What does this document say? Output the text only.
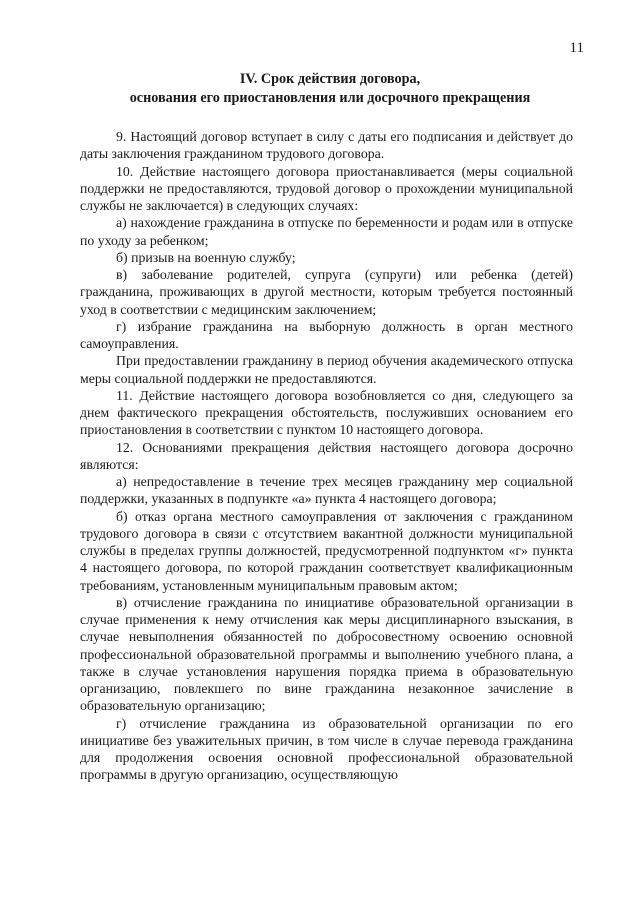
11
IV. Срок действия договора,
основания его приостановления или досрочного прекращения

9. Настоящий договор вступает в силу с даты его подписания и действует до даты заключения гражданином трудового договора.

10. Действие настоящего договора приостанавливается (меры социальной поддержки не предоставляются, трудовой договор о прохождении муниципальной службы не заключается) в следующих случаях:

а) нахождение гражданина в отпуске по беременности и родам или в отпуске по уходу за ребенком;

б) призыв на военную службу;

в) заболевание родителей, супруга (супруги) или ребенка (детей) гражданина, проживающих в другой местности, которым требуется постоянный уход в соответствии с медицинским заключением;

г) избрание гражданина на выборную должность в орган местного самоуправления.

При предоставлении гражданину в период обучения академического отпуска меры социальной поддержки не предоставляются.

11. Действие настоящего договора возобновляется со дня, следующего за днем фактического прекращения обстоятельств, послуживших основанием его приостановления в соответствии с пунктом 10 настоящего договора.

12. Основаниями прекращения действия настоящего договора досрочно являются:

а) непредоставление в течение трех месяцев гражданину мер социальной поддержки, указанных в подпункте «а» пункта 4 настоящего договора;

б) отказ органа местного самоуправления от заключения с гражданином трудового договора в связи с отсутствием вакантной должности муниципальной службы в пределах группы должностей, предусмотренной подпунктом «г» пункта 4 настоящего договора, по которой гражданин соответствует квалификационным требованиям, установленным муниципальным правовым актом;

в) отчисление гражданина по инициативе образовательной организации в случае применения к нему отчисления как меры дисциплинарного взыскания, в случае невыполнения обязанностей по добросовестному освоению основной профессиональной образовательной программы и выполнению учебного плана, а также в случае установления нарушения порядка приема в образовательную организацию, повлекшего по вине гражданина незаконное зачисление в образовательную организацию;

г) отчисление гражданина из образовательной организации по его инициативе без уважительных причин, в том числе в случае перевода гражданина для продолжения освоения основной профессиональной образовательной программы в другую организацию, осуществляющую
